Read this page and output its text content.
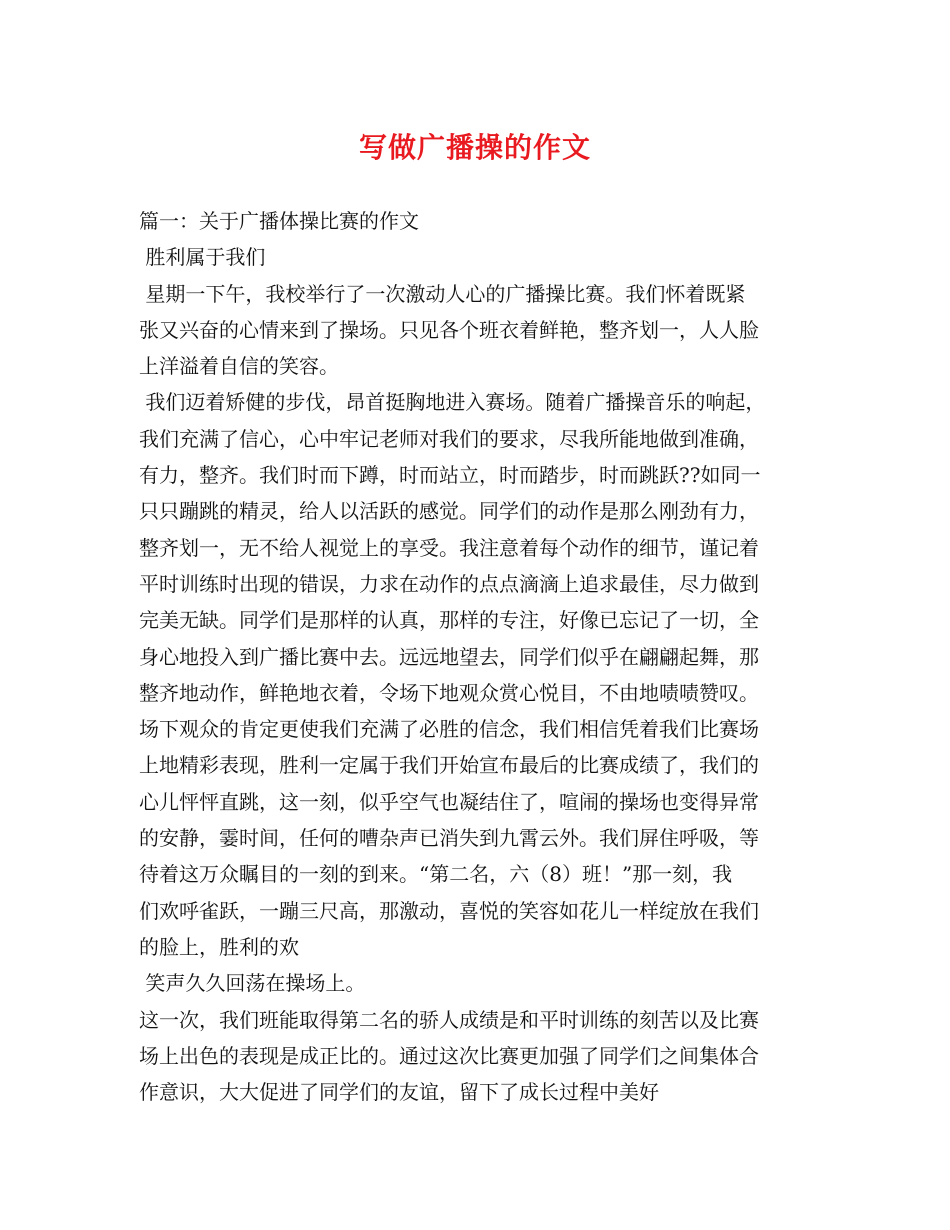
写做广播操的作文
篇一：关于广播体操比赛的作文
胜利属于我们
星期一下午，我校举行了一次激动人心的广播操比赛。我们怀着既紧
张又兴奋的心情来到了操场。只见各个班衣着鲜艳，整齐划一，人人脸
上洋溢着自信的笑容。
我们迈着矫健的步伐，昂首挺胸地进入赛场。随着广播操音乐的响起，
我们充满了信心，心中牢记老师对我们的要求，尽我所能地做到准确，
有力，整齐。我们时而下蹲，时而站立，时而踏步，时而跳跃??如同一
只只蹦跳的精灵，给人以活跃的感觉。同学们的动作是那么刚劲有力，
整齐划一，无不给人视觉上的享受。我注意着每个动作的细节，谨记着
平时训练时出现的错误，力求在动作的点点滴滴上追求最佳，尽力做到
完美无缺。同学们是那样的认真，那样的专注，好像已忘记了一切，全
身心地投入到广播比赛中去。远远地望去，同学们似乎在翩翩起舞，那
整齐地动作，鲜艳地衣着，令场下地观众赏心悦目，不由地啧啧赞叹。
场下观众的肯定更使我们充满了必胜的信念，我们相信凭着我们比赛场
上地精彩表现，胜利一定属于我们开始宣布最后的比赛成绩了，我们的
心儿怦怦直跳，这一刻，似乎空气也凝结住了，喧闹的操场也变得异常
的安静，霎时间，任何的嘈杂声已消失到九霄云外。我们屏住呼吸，等
待着这万众瞩目的一刻的到来。“第二名，六（8）班！”那一刻，我
们欢呼雀跃，一蹦三尺高，那激动，喜悦的笑容如花儿一样绽放在我们
的脸上，胜利的欢
笑声久久回荡在操场上。
这一次，我们班能取得第二名的骄人成绩是和平时训练的刻苦以及比赛
场上出色的表现是成正比的。通过这次比赛更加强了同学们之间集体合
作意识，大大促进了同学们的友谊，留下了成长过程中美好
